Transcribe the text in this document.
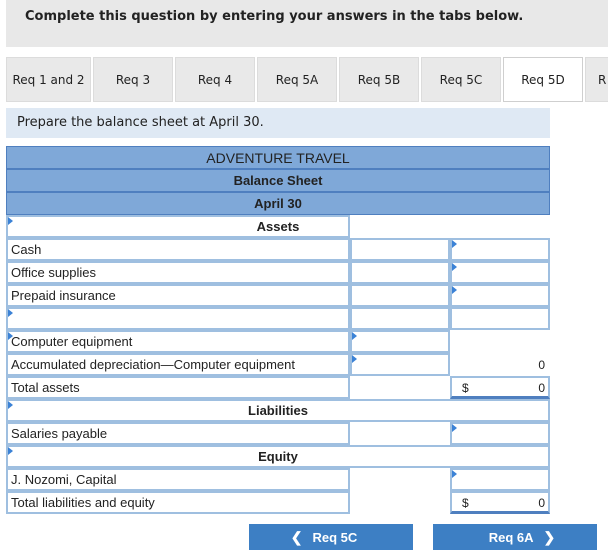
Complete this question by entering your answers in the tabs below.
Req 1 and 2	Req 3	Req 4	Req 5A	Req 5B	Req 5C	Req 5D	R
Prepare the balance sheet at April 30.
ADVENTURE TRAVEL
Balance Sheet
April 30
Assets
Cash
Office supplies
Prepaid insurance
Computer equipment
Accumulated depreciation—Computer equipment	0
Total assets	$	0
Liabilities
Salaries payable
Equity
J. Nozomi, Capital
Total liabilities and equity	$	0
❮ Req 5C	Req 6A ❯
